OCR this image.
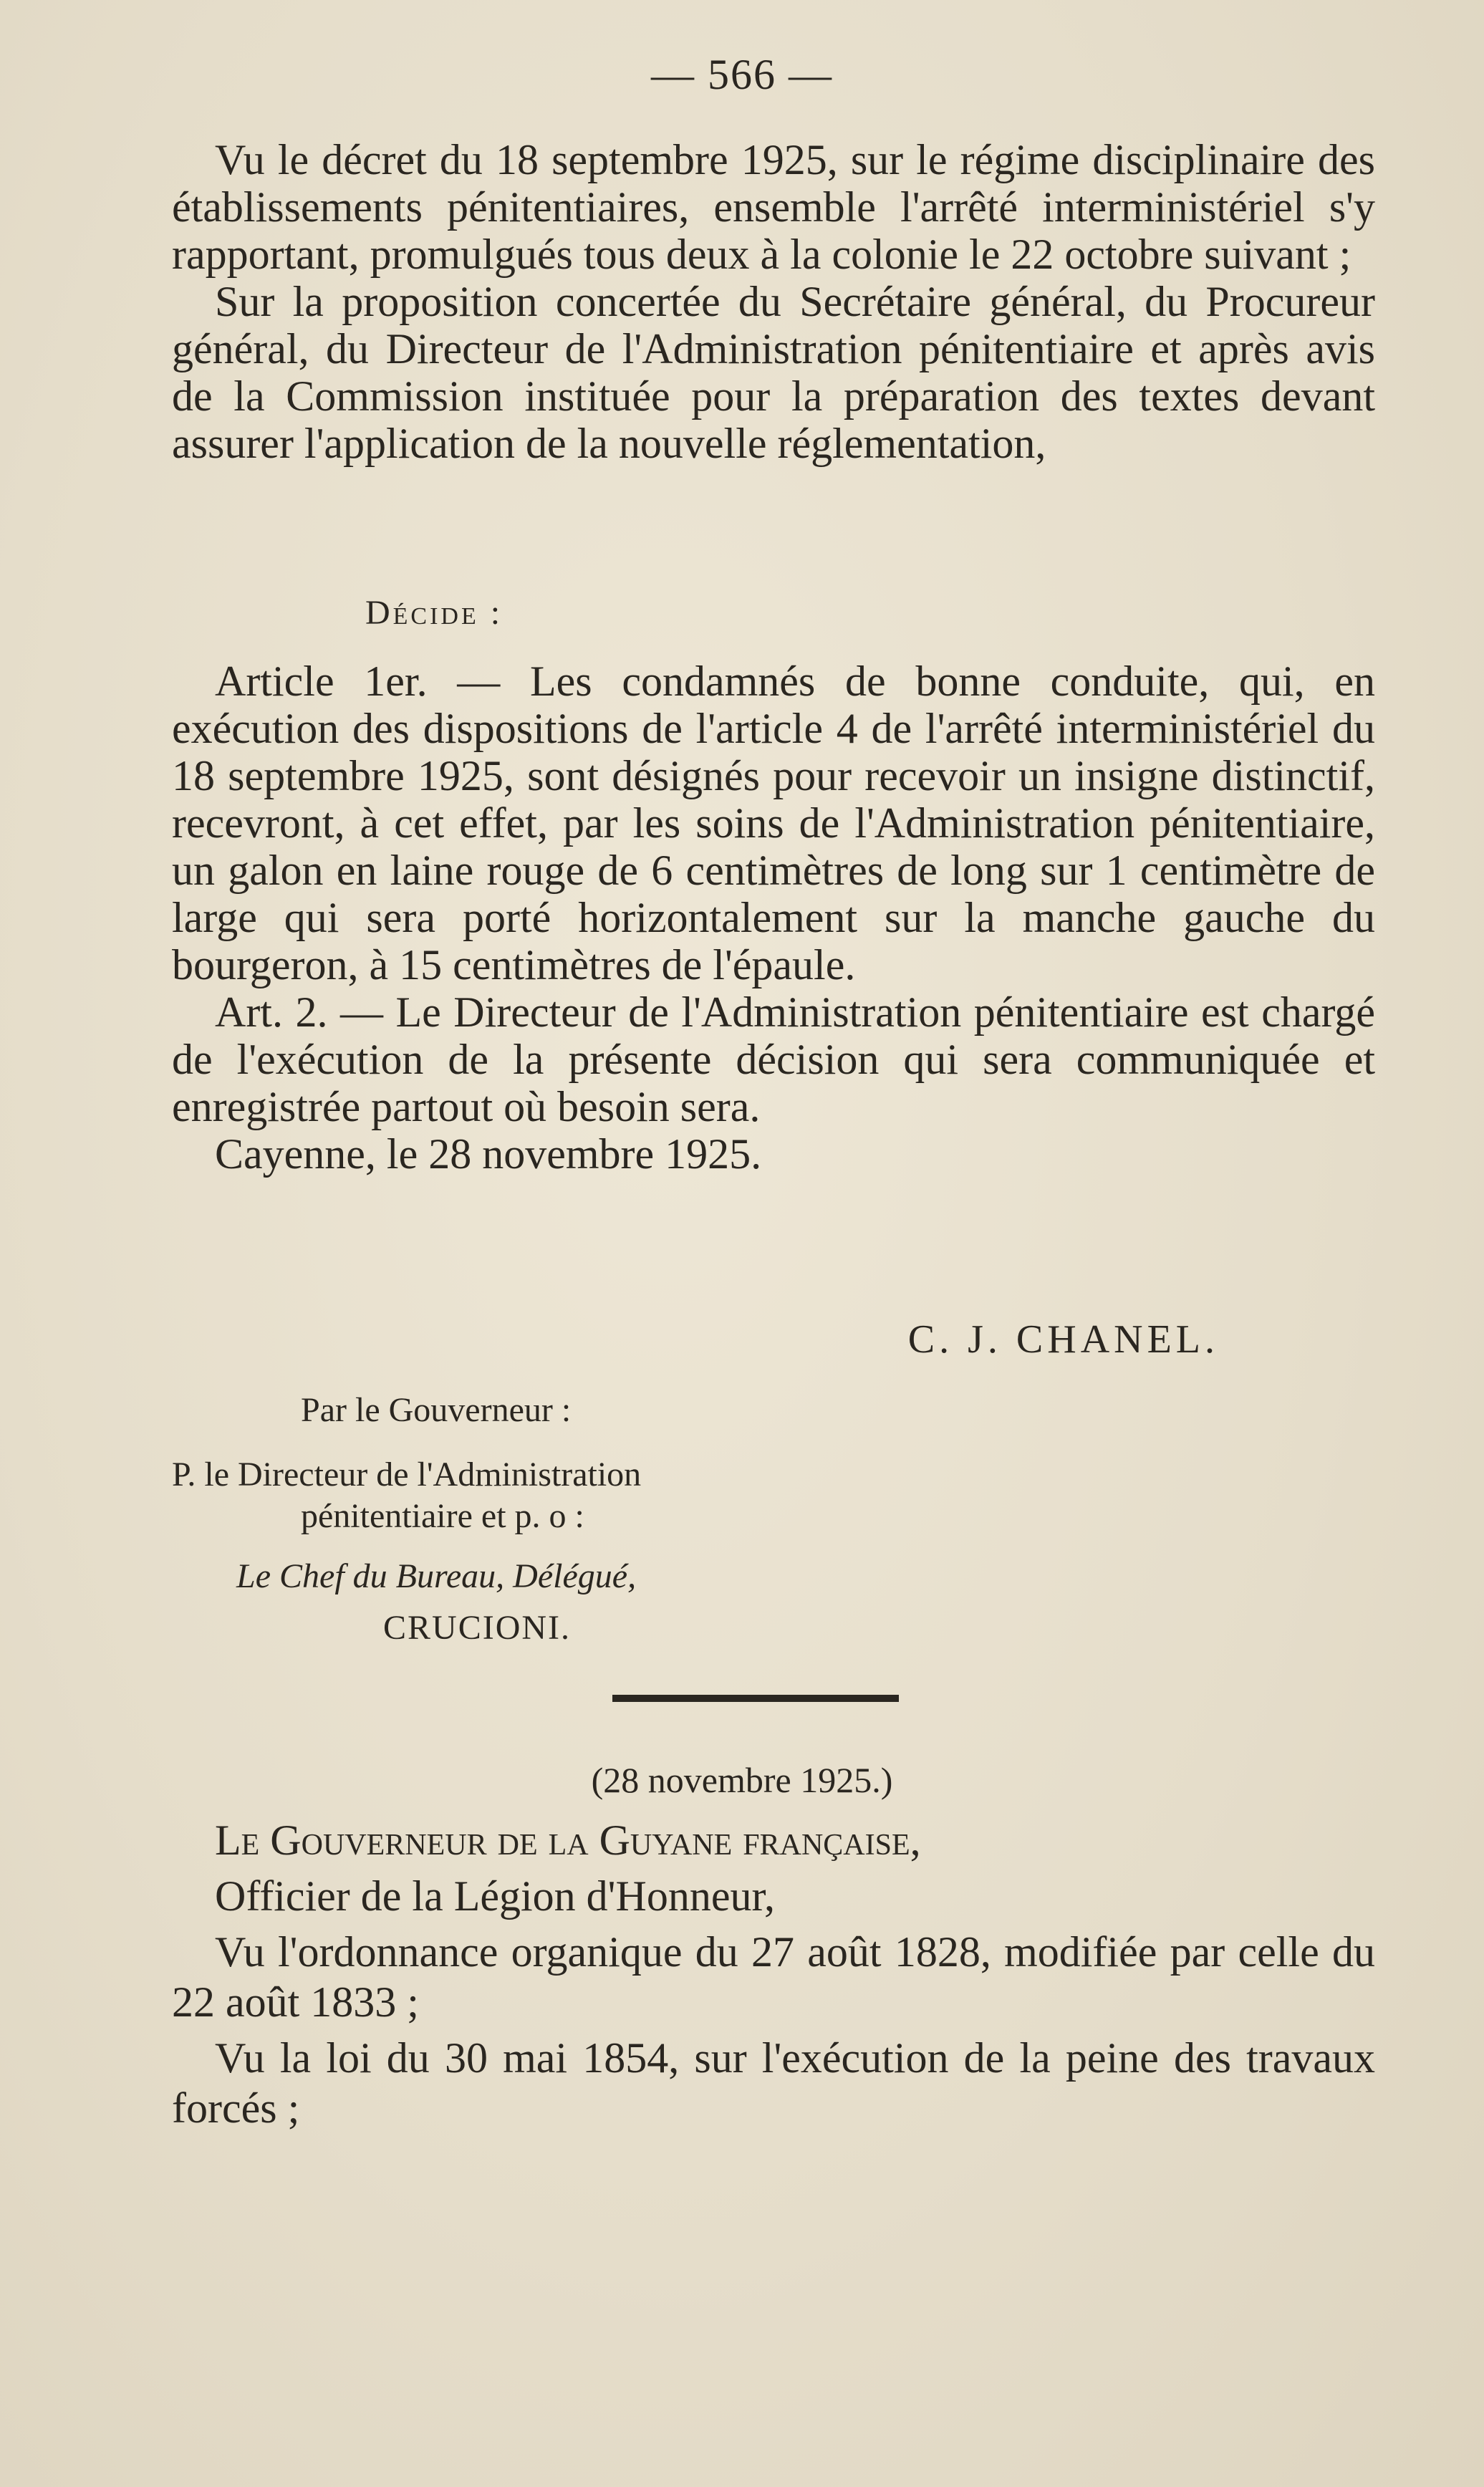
— 566 —

Vu le décret du 18 septembre 1925, sur le régime disciplinaire des établissements pénitentiaires, ensemble l'arrêté interministériel s'y rapportant, promulgués tous deux à la colonie le 22 octobre suivant ;

Sur la proposition concertée du Secrétaire général, du Procureur général, du Directeur de l'Administration pénitentiaire et après avis de la Commission instituée pour la préparation des textes devant assurer l'application de la nouvelle réglementation,

Décide :

Article 1er. — Les condamnés de bonne conduite, qui, en exécution des dispositions de l'article 4 de l'arrêté interministériel du 18 septembre 1925, sont désignés pour recevoir un insigne distinctif, recevront, à cet effet, par les soins de l'Administration pénitentiaire, un galon en laine rouge de 6 centimètres de long sur 1 centimètre de large qui sera porté horizontalement sur la manche gauche du bourgeron, à 15 centimètres de l'épaule.

Art. 2. — Le Directeur de l'Administration pénitentiaire est chargé de l'exécution de la présente décision qui sera communiquée et enregistrée partout où besoin sera.

Cayenne, le 28 novembre 1925.

C. J. CHANEL.
Par le Gouverneur :
P. le Directeur de l'Administration
pénitentiaire et p. o :
Le Chef du Bureau, Délégué,
CRUCIONI.
(28 novembre 1925.)

Le Gouverneur de la Guyane française,

Officier de la Légion d'Honneur,

Vu l'ordonnance organique du 27 août 1828, modifiée par celle du 22 août 1833 ;

Vu la loi du 30 mai 1854, sur l'exécution de la peine des travaux forcés ;
